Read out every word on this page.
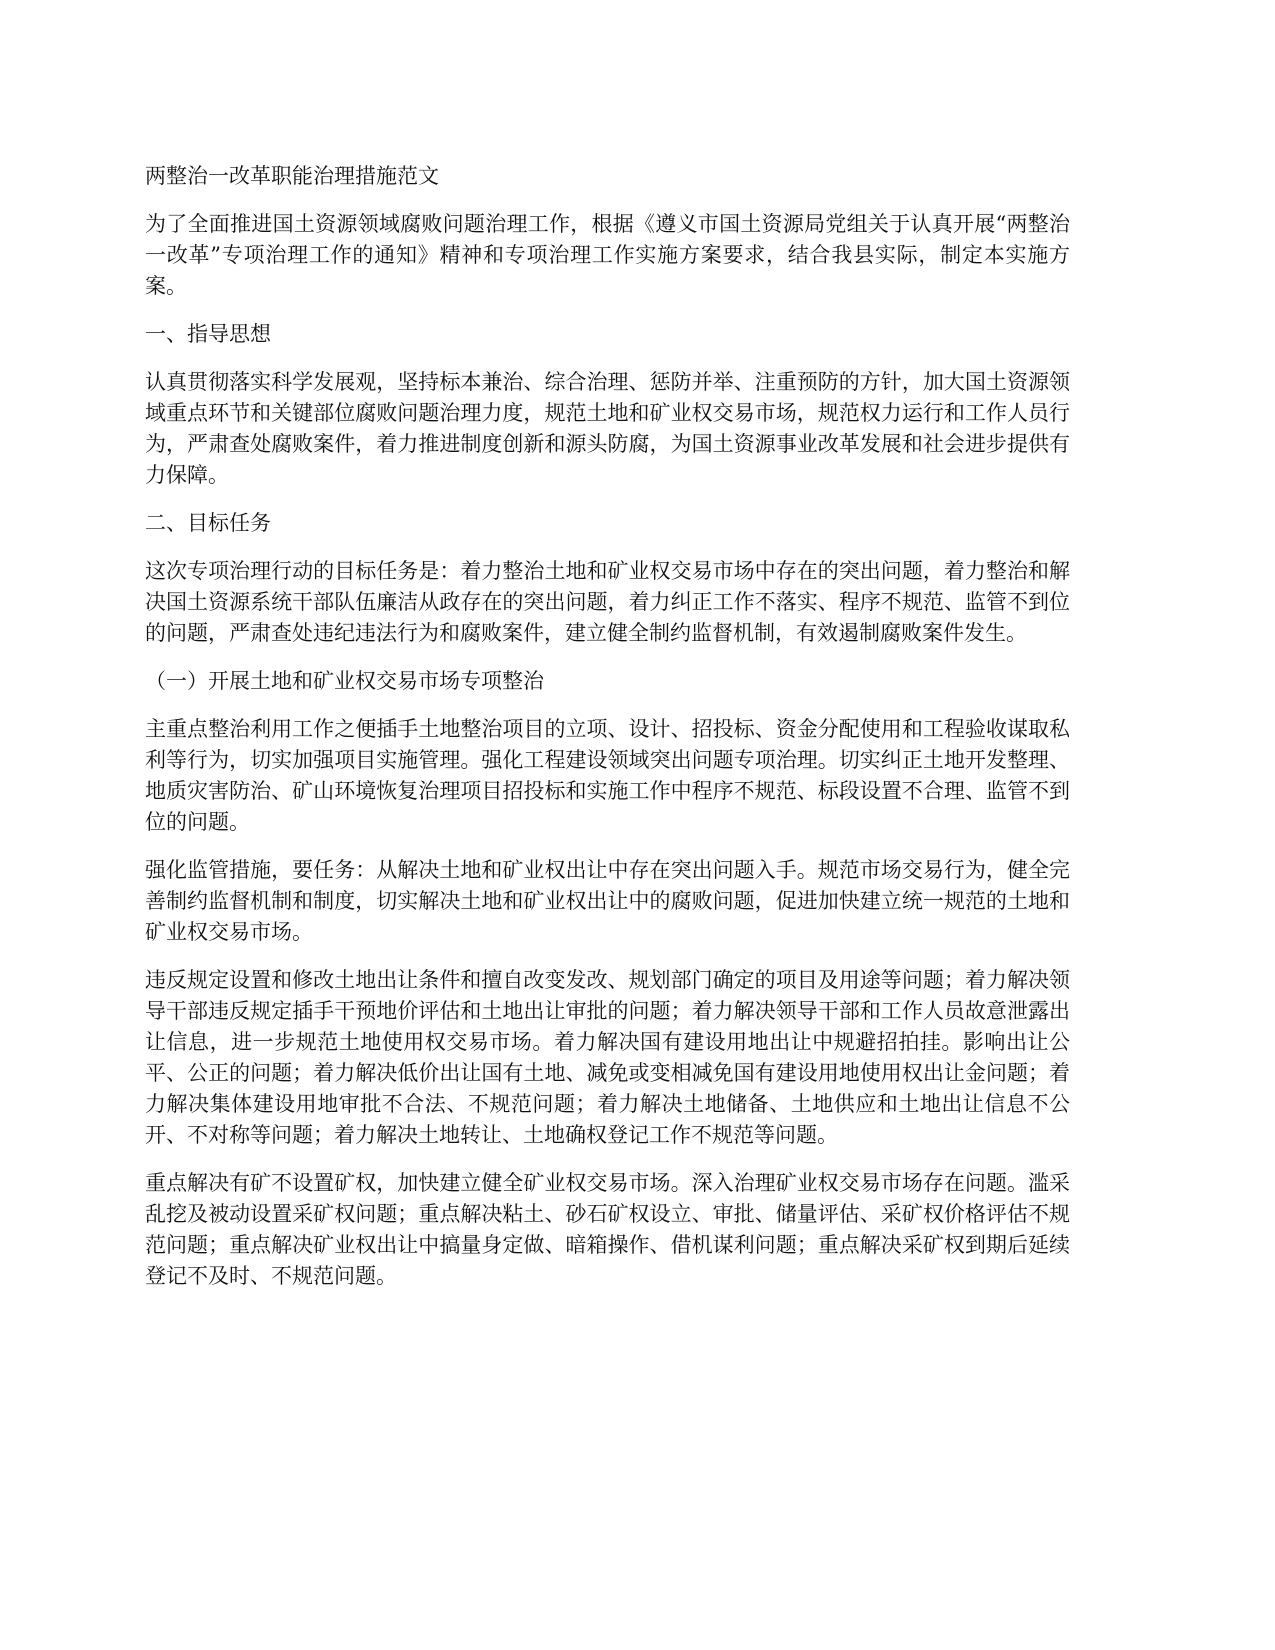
两整治一改革职能治理措施范文

为了全面推进国土资源领域腐败问题治理工作，根据《遵义市国土资源局党组关于认真开展“两整治一改革”专项治理工作的通知》精神和专项治理工作实施方案要求，结合我县实际，制定本实施方案。

一、指导思想

认真贯彻落实科学发展观，坚持标本兼治、综合治理、惩防并举、注重预防的方针，加大国土资源领域重点环节和关键部位腐败问题治理力度，规范土地和矿业权交易市场，规范权力运行和工作人员行为，严肃查处腐败案件，着力推进制度创新和源头防腐，为国土资源事业改革发展和社会进步提供有力保障。

二、目标任务

这次专项治理行动的目标任务是：着力整治土地和矿业权交易市场中存在的突出问题，着力整治和解决国土资源系统干部队伍廉洁从政存在的突出问题，着力纠正工作不落实、程序不规范、监管不到位的问题，严肃查处违纪违法行为和腐败案件，建立健全制约监督机制，有效遏制腐败案件发生。

（一）开展土地和矿业权交易市场专项整治

主重点整治利用工作之便插手土地整治项目的立项、设计、招投标、资金分配使用和工程验收谋取私利等行为，切实加强项目实施管理。强化工程建设领域突出问题专项治理。切实纠正土地开发整理、地质灾害防治、矿山环境恢复治理项目招投标和实施工作中程序不规范、标段设置不合理、监管不到位的问题。

强化监管措施，要任务：从解决土地和矿业权出让中存在突出问题入手。规范市场交易行为，健全完善制约监督机制和制度，切实解决土地和矿业权出让中的腐败问题，促进加快建立统一规范的土地和矿业权交易市场。

违反规定设置和修改土地出让条件和擅自改变发改、规划部门确定的项目及用途等问题；着力解决领导干部违反规定插手干预地价评估和土地出让审批的问题；着力解决领导干部和工作人员故意泄露出让信息，进一步规范土地使用权交易市场。着力解决国有建设用地出让中规避招拍挂。影响出让公平、公正的问题；着力解决低价出让国有土地、减免或变相减免国有建设用地使用权出让金问题；着力解决集体建设用地审批不合法、不规范问题；着力解决土地储备、土地供应和土地出让信息不公开、不对称等问题；着力解决土地转让、土地确权登记工作不规范等问题。

重点解决有矿不设置矿权，加快建立健全矿业权交易市场。深入治理矿业权交易市场存在问题。滥采乱挖及被动设置采矿权问题；重点解决粘土、砂石矿权设立、审批、储量评估、采矿权价格评估不规范问题；重点解决矿业权出让中搞量身定做、暗箱操作、借机谋利问题；重点解决采矿权到期后延续登记不及时、不规范问题。
